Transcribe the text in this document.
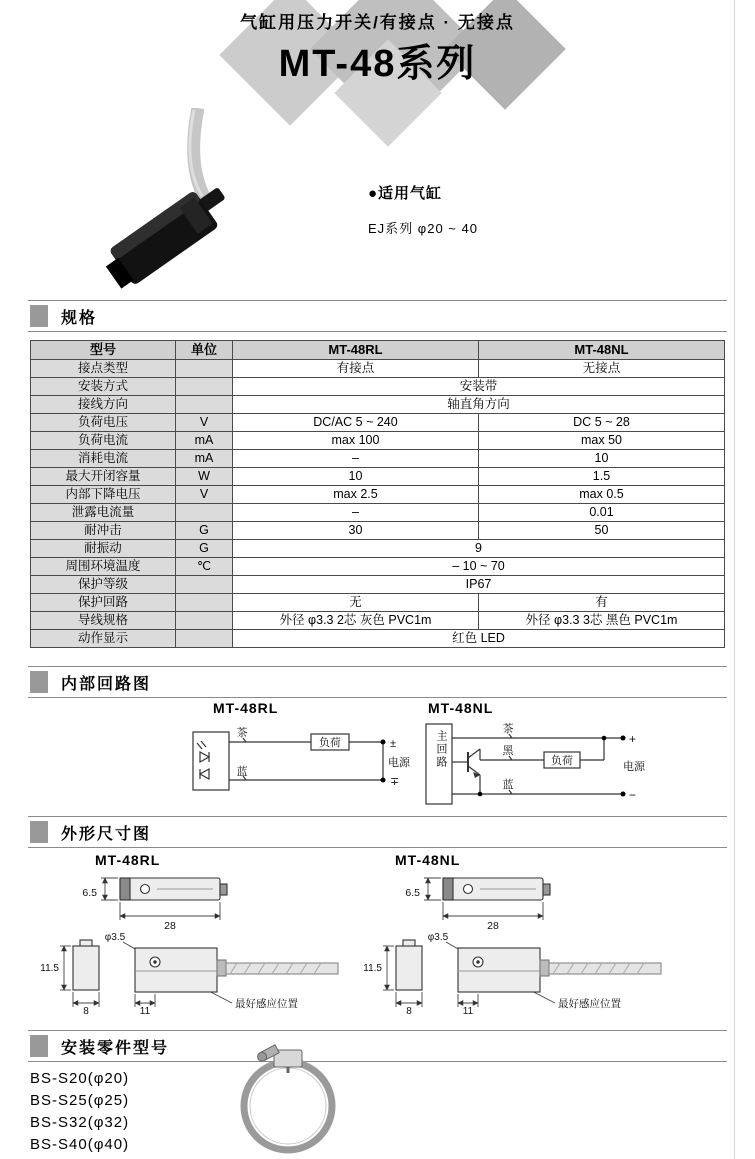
气缸用压力开关/有接点 · 无接点
MT-48系列
●适用气缸
EJ系列 φ20 ~ 40
规格
型号	单位	MT-48RL	MT-48NL
接点类型		有接点	无接点
安装方式		安装带	
接线方向		轴直角方向	
负荷电压	V	DC/AC 5 ~ 240	DC 5 ~ 28
负荷电流	mA	max 100	max 50
消耗电流	mA	–	10
最大开闭容量	W	10	1.5
内部下降电压	V	max 2.5	max 0.5
泄露电流量		–	0.01
耐冲击	G	30	50
耐振动	G	9	
周围环境温度	℃	– 10 ~ 70	
保护等级		IP67	
保护回路		无	有
导线规格		外径 φ3.3 2芯 灰色 PVC1m	外径 φ3.3 3芯 黑色 PVC1m
动作显示		红色 LED	
内部回路图
MT-48RL	MT-48NL
茶
蓝
负荷	±
电源
∓
茶
黑
蓝
负荷
+
电源
−
主回路
外形尺寸图
MT-48RL	MT-48NL
6.5
28
11.5
8	11
φ3.5
最好感应位置
6.5
28
11.5
8	11
φ3.5
最好感应位置
安装零件型号
BS-S20(φ20)
BS-S25(φ25)
BS-S32(φ32)
BS-S40(φ40)
